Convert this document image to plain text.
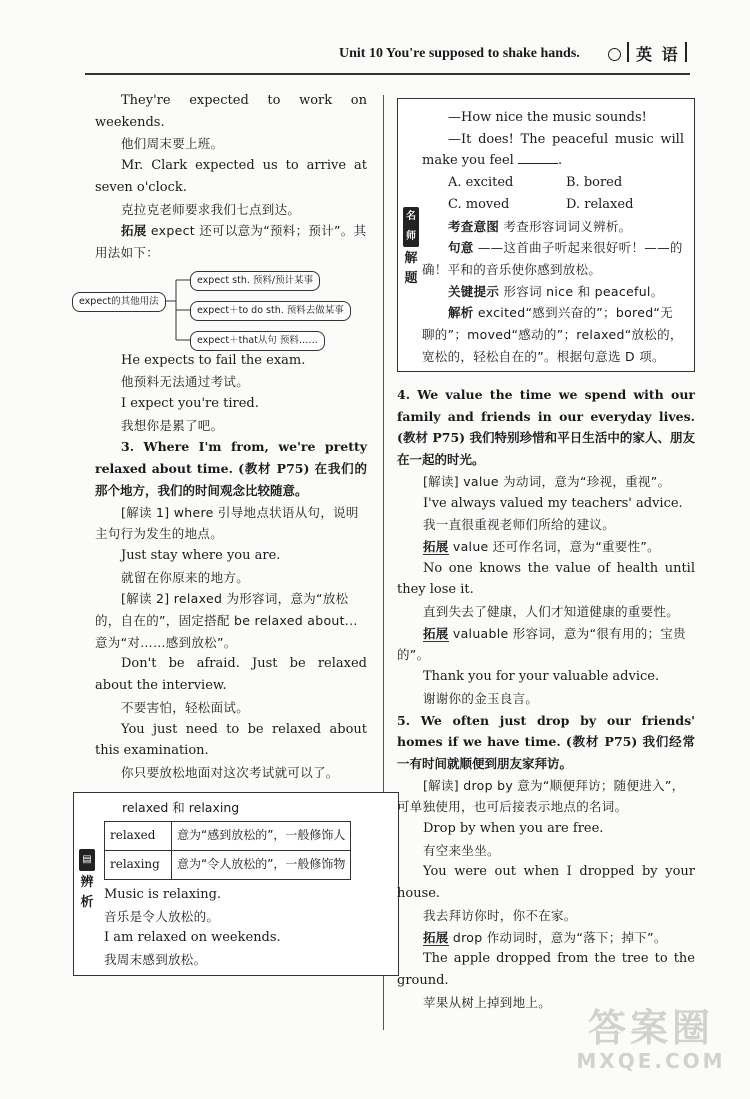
Unit 10 You're supposed to shake hands.	英 语

They're expected to work on weekends.

他们周末要上班。

Mr. Clark expected us to arrive at seven o'clock.

克拉克老师要求我们七点到达。

拓展 expect 还可以意为“预料；预计”。其用法如下：

expect的其他用法
expect sth. 预料/预计某事
expect＋to do sth. 预料去做某事
expect＋that从句 预料……

He expects to fail the exam.

他预料无法通过考试。

I expect you're tired.

我想你是累了吧。

3. Where I'm from, we're pretty relaxed about time. (教材 P75) 在我们的那个地方，我们的时间观念比较随意。

[解读 1] where 引导地点状语从句，说明主句行为发生的地点。

Just stay where you are.

就留在你原来的地方。

[解读 2] relaxed 为形容词，意为“放松的，自在的”，固定搭配 be relaxed about... 意为“对……感到放松”。

Don't be afraid. Just be relaxed about the interview.

不要害怕，轻松面试。

You just need to be relaxed about this examination.

你只要放松地面对这次考试就可以了。

▤
辨析
relaxed 和 relaxing
relaxed	意为“感到放松的”，一般修饰人
relaxing	意为“令人放松的”，一般修饰物

Music is relaxing.

音乐是令人放松的。

I am relaxed on weekends.

我周末感到放松。

名
师
解
题

—How nice the music sounds!

—It does! The peaceful music will make you feel	.

A. excited	B. bored
C. moved	D. relaxed

考查意图 考查形容词词义辨析。

句意 ——这首曲子听起来很好听！——的确！平和的音乐使你感到放松。

关键提示 形容词 nice 和 peaceful。

解析 excited“感到兴奋的”；bored“无聊的”；moved“感动的”；relaxed“放松的，宽松的，轻松自在的”。根据句意选 D 项。

4. We value the time we spend with our family and friends in our everyday lives. (教材 P75) 我们特别珍惜和平日生活中的家人、朋友在一起的时光。

[解读] value 为动词，意为“珍视，重视”。

I've always valued my teachers' advice.

我一直很重视老师们所给的建议。

拓展 value 还可作名词，意为“重要性”。

No one knows the value of health until they lose it.

直到失去了健康，人们才知道健康的重要性。

拓展 valuable 形容词，意为“很有用的；宝贵的”。

Thank you for your valuable advice.

谢谢你的金玉良言。

5. We often just drop by our friends' homes if we have time. (教材 P75) 我们经常一有时间就顺便到朋友家拜访。

[解读] drop by 意为“顺便拜访；随便进入”，可单独使用，也可后接表示地点的名词。

Drop by when you are free.

有空来坐坐。

You were out when I dropped by your house.

我去拜访你时，你不在家。

拓展 drop 作动词时，意为“落下；掉下”。

The apple dropped from the tree to the ground.

苹果从树上掉到地上。

答案圈
MXQE.COM
